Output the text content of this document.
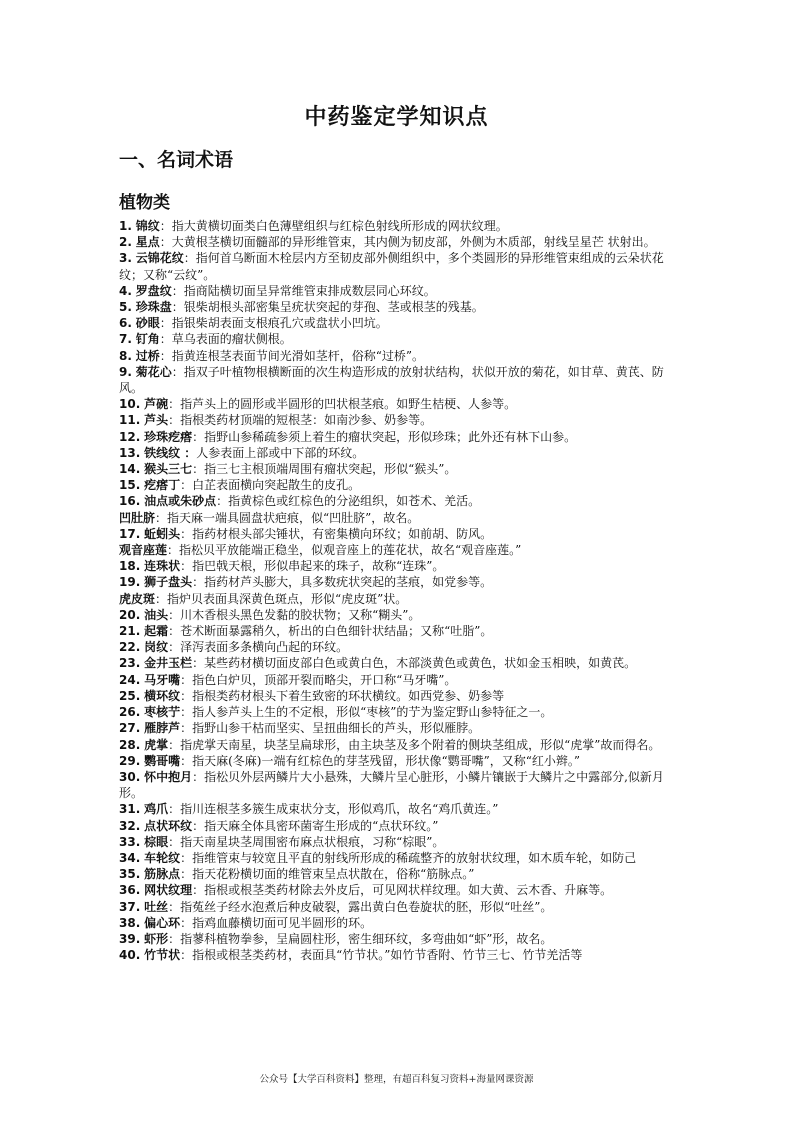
中药鉴定学知识点
一、名词术语
植物类

1. 锦纹：指大黄横切面类白色薄壁组织与红棕色射线所形成的网状纹理。

2. 星点：大黄根茎横切面髓部的异形维管束，其内侧为韧皮部，外侧为木质部，射线呈星芒 状射出。

3. 云锦花纹：指何首乌断面木栓层内方至韧皮部外侧组织中，多个类圆形的异形维管束组成的云朵状花纹；又称“云纹”。

4. 罗盘纹：指商陆横切面呈异常维管束排成数层同心环纹。

5. 珍珠盘：银柴胡根头部密集呈疣状突起的芽孢、茎或根茎的残基。

6. 砂眼：指银柴胡表面支根痕孔穴或盘状小凹坑。

7. 钉角：草乌表面的瘤状侧根。

8. 过桥：指黄连根茎表面节间光滑如茎杆，俗称“过桥”。

9. 菊花心：指双子叶植物根横断面的次生构造形成的放射状结构，状似开放的菊花，如甘草、黄芪、防风。

10. 芦碗：指芦头上的圆形或半圆形的凹状根茎痕。如野生桔梗、人参等。

11. 芦头：指根类药材顶端的短根茎：如南沙参、奶参等。

12. 珍珠疙瘩：指野山参稀疏参须上着生的瘤状突起，形似珍珠；此外还有林下山参。

13. 铁线纹 ：人参表面上部或中下部的环纹。

14. 猴头三七：指三七主根顶端周围有瘤状突起，形似“猴头”。

15. 疙瘩丁：白芷表面横向突起散生的皮孔。

16. 油点或朱砂点：指黄棕色或红棕色的分泌组织，如苍术、羌活。

凹肚脐：指天麻一端具圆盘状疤痕，似“凹肚脐”，故名。

17. 蚯蚓头：指药材根头部尖锤状，有密集横向环纹；如前胡、防风。

观音座莲：指松贝平放能端正稳坐，似观音座上的莲花状，故名“观音座莲。”

18. 连珠状：指巴戟天根，形似串起来的珠子，故称“连珠”。

19. 狮子盘头：指药材芦头膨大，具多数疣状突起的茎痕，如党参等。

虎皮斑：指炉贝表面具深黄色斑点，形似“虎皮斑”状。

20. 油头：川木香根头黑色发黏的胶状物；又称“糊头”。

21. 起霜：苍术断面暴露稍久，析出的白色细针状结晶；又称“吐脂”。

22. 岗纹：泽泻表面多条横向凸起的环纹。

23. 金井玉栏：某些药材横切面皮部白色或黄白色，木部淡黄色或黄色，状如金玉相映，如黄芪。

24. 马牙嘴：指色白炉贝，顶部开裂而略尖，开口称“马牙嘴”。

25. 横环纹：指根类药材根头下着生致密的环状横纹。如西党参、奶参等

26. 枣核艼：指人参芦头上生的不定根，形似“枣核”的艼为鉴定野山参特征之一。

27. 雁脖芦：指野山参干枯而坚实、呈扭曲细长的芦头，形似雁脖。

28. 虎掌：指虎掌天南星，块茎呈扁球形，由主块茎及多个附着的侧块茎组成，形似“虎掌”故而得名。

29. 鹦哥嘴：指天麻(冬麻)一端有红棕色的芽茎残留，形状像“鹦哥嘴”，又称“红小辫。”

30. 怀中抱月：指松贝外层两鳞片大小悬殊，大鳞片呈心脏形，小鳞片镶嵌于大鳞片之中露部分,似新月形。

31. 鸡爪：指川连根茎多簇生成束状分支，形似鸡爪，故名“鸡爪黄连。”

32. 点状环纹：指天麻全体具密环菌寄生形成的“点状环纹。”

33. 棕眼：指天南星块茎周围密布麻点状根痕，习称“棕眼”。

34. 车轮纹：指维管束与较宽且平直的射线所形成的稀疏整齐的放射状纹理，如木质车轮，如防己

35. 筋脉点：指天花粉横切面的维管束呈点状散在，俗称“筋脉点。”

36. 网状纹理：指根或根茎类药材除去外皮后，可见网状样纹理。如大黄、云木香、升麻等。

37. 吐丝：指菟丝子经水泡煮后种皮破裂，露出黄白色卷旋状的胚，形似“吐丝”。

38. 偏心环：指鸡血藤横切面可见半圆形的环。

39. 虾形：指蓼科植物拳参，呈扁圆柱形，密生细环纹，多弯曲如“虾”形，故名。

40. 竹节状：指根或根茎类药材，表面具“竹节状。”如竹节香附、竹节三七、竹节羌活等

公众号【大学百科资料】整理，有超百科复习资料+海量网课资源
